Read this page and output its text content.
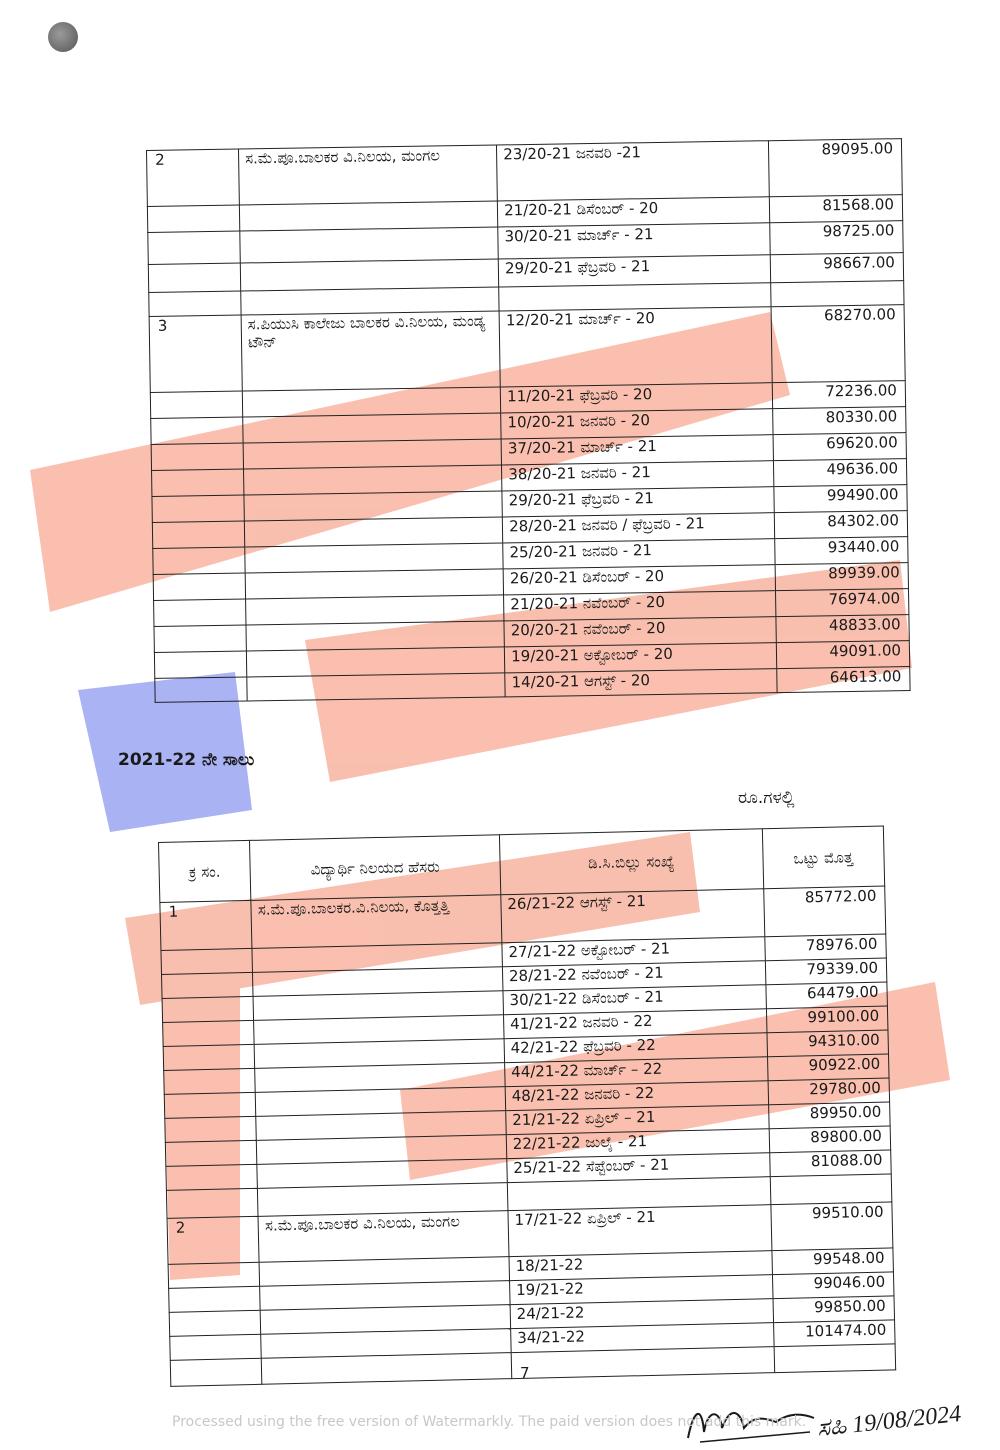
2	ಸ.ಮೆ.ಪೂ.ಬಾಲಕರ ವಿ.ನಿಲಯ, ಮಂಗಲ	23/20-21 ಜನವರಿ -21	89095.00
		21/20-21 ಡಿಸೆಂಬರ್ - 20	81568.00
		30/20-21 ಮಾರ್ಚ್ - 21	98725.00
		29/20-21 ಫೆಬ್ರವರಿ - 21	98667.00

3	ಸ.ಪಿಯುಸಿ ಕಾಲೇಜು ಬಾಲಕರ ವಿ.ನಿಲಯ, ಮಂಡ್ಯ ಟೌನ್	12/20-21 ಮಾರ್ಚ್ - 20	68270.00
		11/20-21 ಫೆಬ್ರವರಿ - 20	72236.00
		10/20-21 ಜನವರಿ - 20	80330.00
		37/20-21 ಮಾರ್ಚ್ - 21	69620.00
		38/20-21 ಜನವರಿ - 21	49636.00
		29/20-21 ಫೆಬ್ರವರಿ - 21	99490.00
		28/20-21 ಜನವರಿ / ಫೆಬ್ರವರಿ - 21	84302.00
		25/20-21 ಜನವರಿ - 21	93440.00
		26/20-21 ಡಿಸೆಂಬರ್ - 20	89939.00
		21/20-21 ನವೆಂಬರ್ - 20	76974.00
		20/20-21 ನವೆಂಬರ್ - 20	48833.00
		19/20-21 ಅಕ್ಟೋಬರ್ - 20	49091.00
		14/20-21 ಆಗಸ್ಟ್ - 20	64613.00
2021-22 ನೇ ಸಾಲು
ರೂ.ಗಳಲ್ಲಿ
ಕ್ರ ಸಂ.	ವಿದ್ಯಾರ್ಥಿ ನಿಲಯದ ಹೆಸರು	ಡಿ.ಸಿ.ಬಿಲ್ಲು ಸಂಖ್ಯೆ	ಒಟ್ಟು ಮೊತ್ತ
1	ಸ.ಮೆ.ಪೂ.ಬಾಲಕರ.ವಿ.ನಿಲಯ, ಕೊತ್ತತ್ತಿ	26/21-22 ಆಗಸ್ಟ್ - 21	85772.00
		27/21-22 ಅಕ್ಟೋಬರ್ - 21	78976.00
		28/21-22 ನವೆಂಬರ್ - 21	79339.00
		30/21-22 ಡಿಸೆಂಬರ್ - 21	64479.00
		41/21-22 ಜನವರಿ - 22	99100.00
		42/21-22 ಫೆಬ್ರವರಿ - 22	94310.00
		44/21-22 ಮಾರ್ಚ್ – 22	90922.00
		48/21-22 ಜನವರಿ - 22	29780.00
		21/21-22 ಏಪ್ರಿಲ್ – 21	89950.00
		22/21-22 ಜುಲೈ - 21	89800.00
		25/21-22 ಸೆಪ್ಟೆಂಬರ್ - 21	81088.00

2	ಸ.ಮೆ.ಪೂ.ಬಾಲಕರ ವಿ.ನಿಲಯ, ಮಂಗಲ	17/21-22 ಏಪ್ರಿಲ್ - 21	99510.00
		18/21-22	99548.00
		19/21-22	99046.00
		24/21-22	99850.00
		34/21-22	101474.00

7
ಸಹಿ 19/08/2024
Processed using the free version of Watermarkly. The paid version does not add this mark.
